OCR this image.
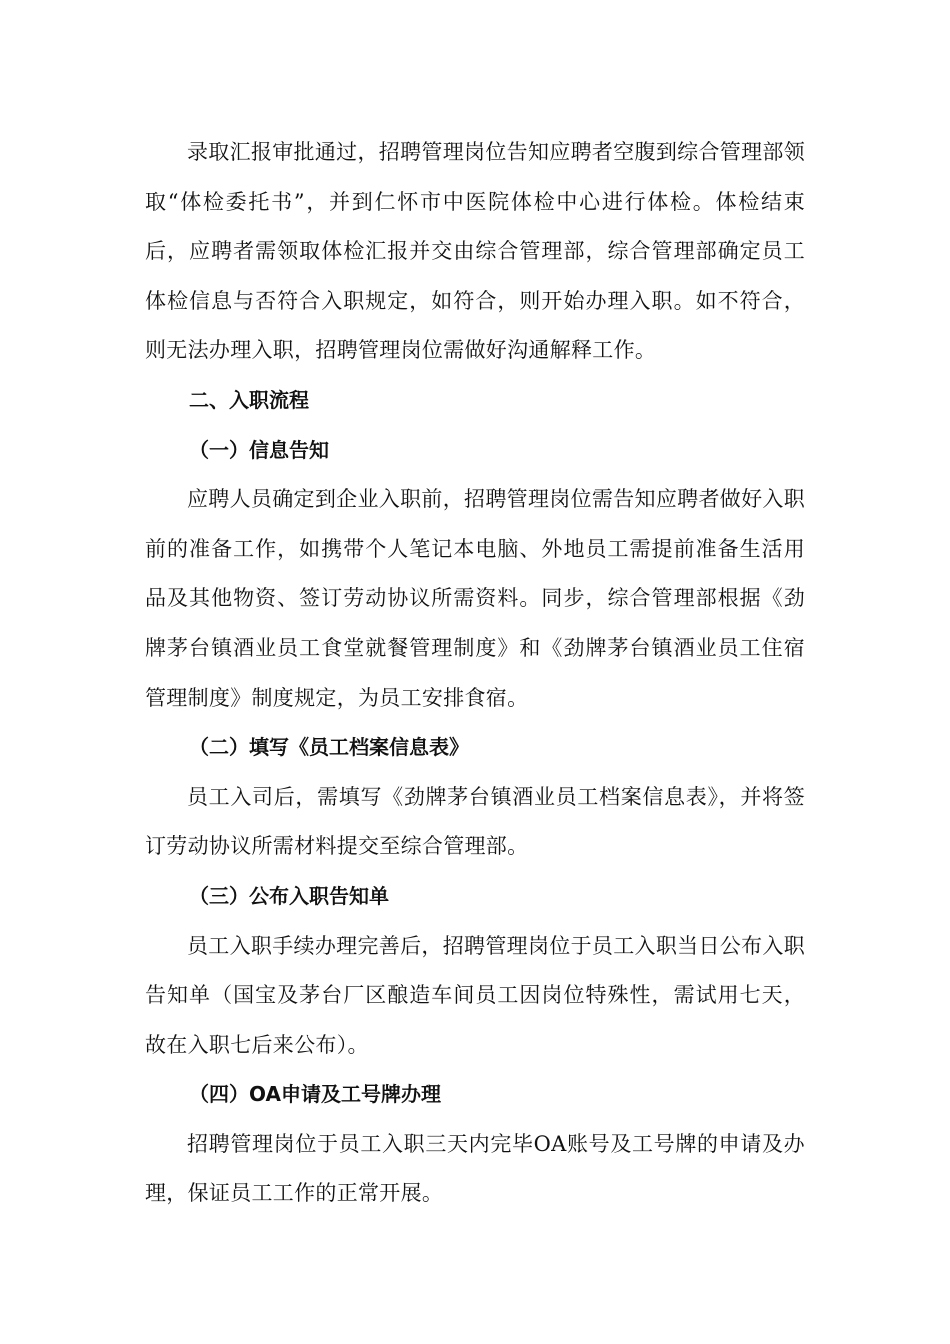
录取汇报审批通过，招聘管理岗位告知应聘者空腹到综合管理部领取“体检委托书”，并到仁怀市中医院体检中心进行体检。体检结束后，应聘者需领取体检汇报并交由综合管理部，综合管理部确定员工体检信息与否符合入职规定，如符合，则开始办理入职。如不符合，则无法办理入职，招聘管理岗位需做好沟通解释工作。

二、入职流程

（一）信息告知

应聘人员确定到企业入职前，招聘管理岗位需告知应聘者做好入职前的准备工作，如携带个人笔记本电脑、外地员工需提前准备生活用品及其他物资、签订劳动协议所需资料。同步，综合管理部根据《劲牌茅台镇酒业员工食堂就餐管理制度》和《劲牌茅台镇酒业员工住宿管理制度》制度规定，为员工安排食宿。

（二）填写《员工档案信息表》

员工入司后，需填写《劲牌茅台镇酒业员工档案信息表》，并将签订劳动协议所需材料提交至综合管理部。

（三）公布入职告知单

员工入职手续办理完善后，招聘管理岗位于员工入职当日公布入职告知单（国宝及茅台厂区酿造车间员工因岗位特殊性，需试用七天，故在入职七后来公布）。

（四）OA申请及工号牌办理

招聘管理岗位于员工入职三天内完毕OA账号及工号牌的申请及办理，保证员工工作的正常开展。
